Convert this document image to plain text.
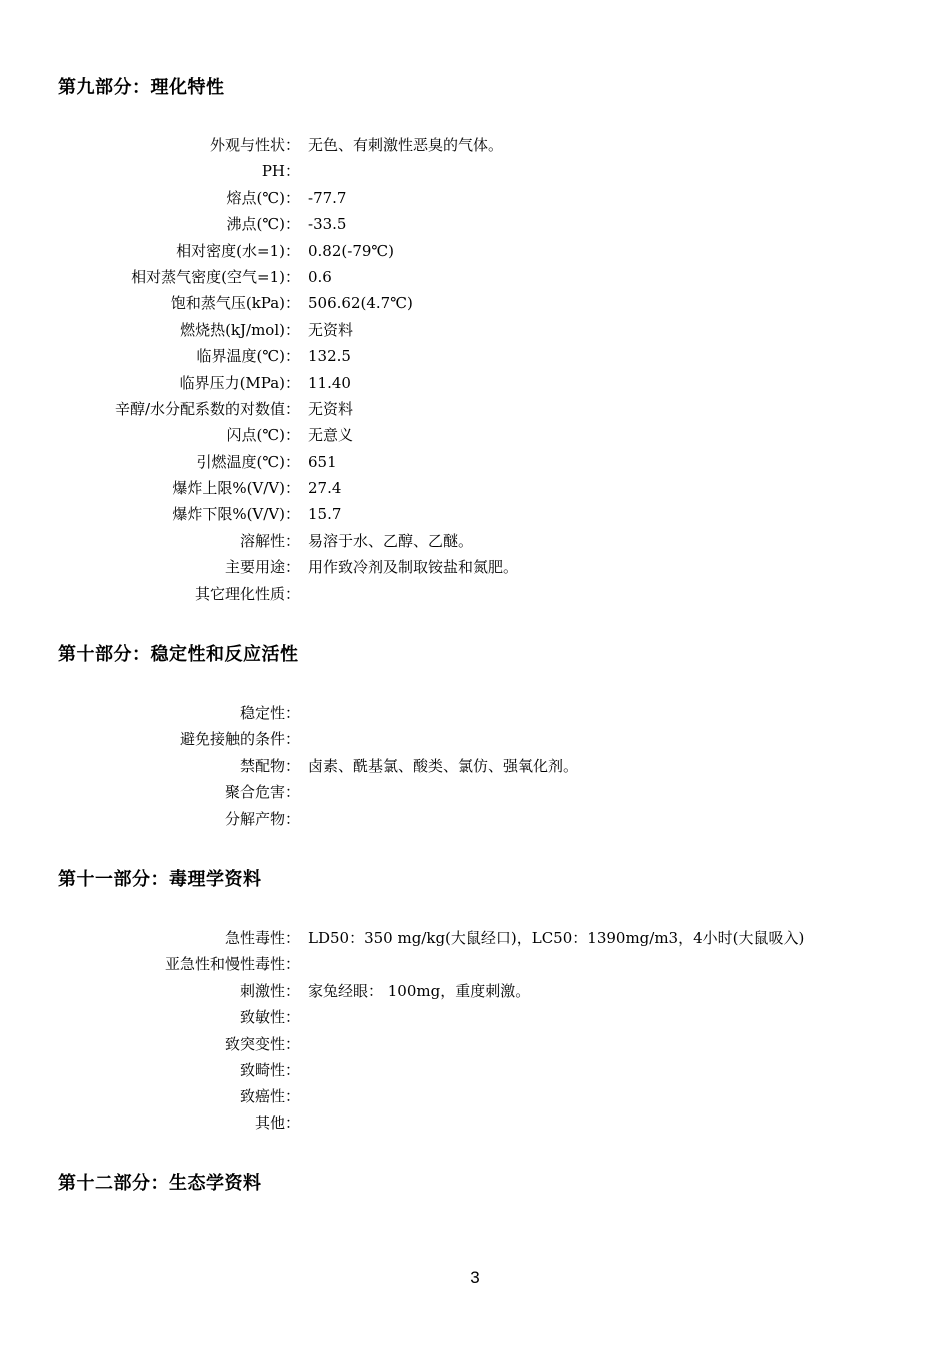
第九部分：理化特性
外观与性状： 无色、有刺激性恶臭的气体。
PH：
熔点(℃)： -77.7
沸点(℃)： -33.5
相对密度(水=1)： 0.82(-79℃)
相对蒸气密度(空气=1)： 0.6
饱和蒸气压(kPa)： 506.62(4.7℃)
燃烧热(kJ/mol)： 无资料
临界温度(℃)： 132.5
临界压力(MPa)： 11.40
辛醇/水分配系数的对数值： 无资料
闪点(℃)： 无意义
引燃温度(℃)： 651
爆炸上限%(V/V)： 27.4
爆炸下限%(V/V)： 15.7
溶解性： 易溶于水、乙醇、乙醚。
主要用途： 用作致冷剂及制取铵盐和氮肥。
其它理化性质：
第十部分：稳定性和反应活性
稳定性：
避免接触的条件：
禁配物： 卤素、酰基氯、酸类、氯仿、强氧化剂。
聚合危害：
分解产物：
第十一部分：毒理学资料
急性毒性： LD50：350 mg/kg(大鼠经口)，LC50：1390mg/m3，4小时(大鼠吸入)
亚急性和慢性毒性：
刺激性： 家兔经眼： 100mg，重度刺激。
致敏性：
致突变性：
致畸性：
致癌性：
其他：
第十二部分：生态学资料
3
